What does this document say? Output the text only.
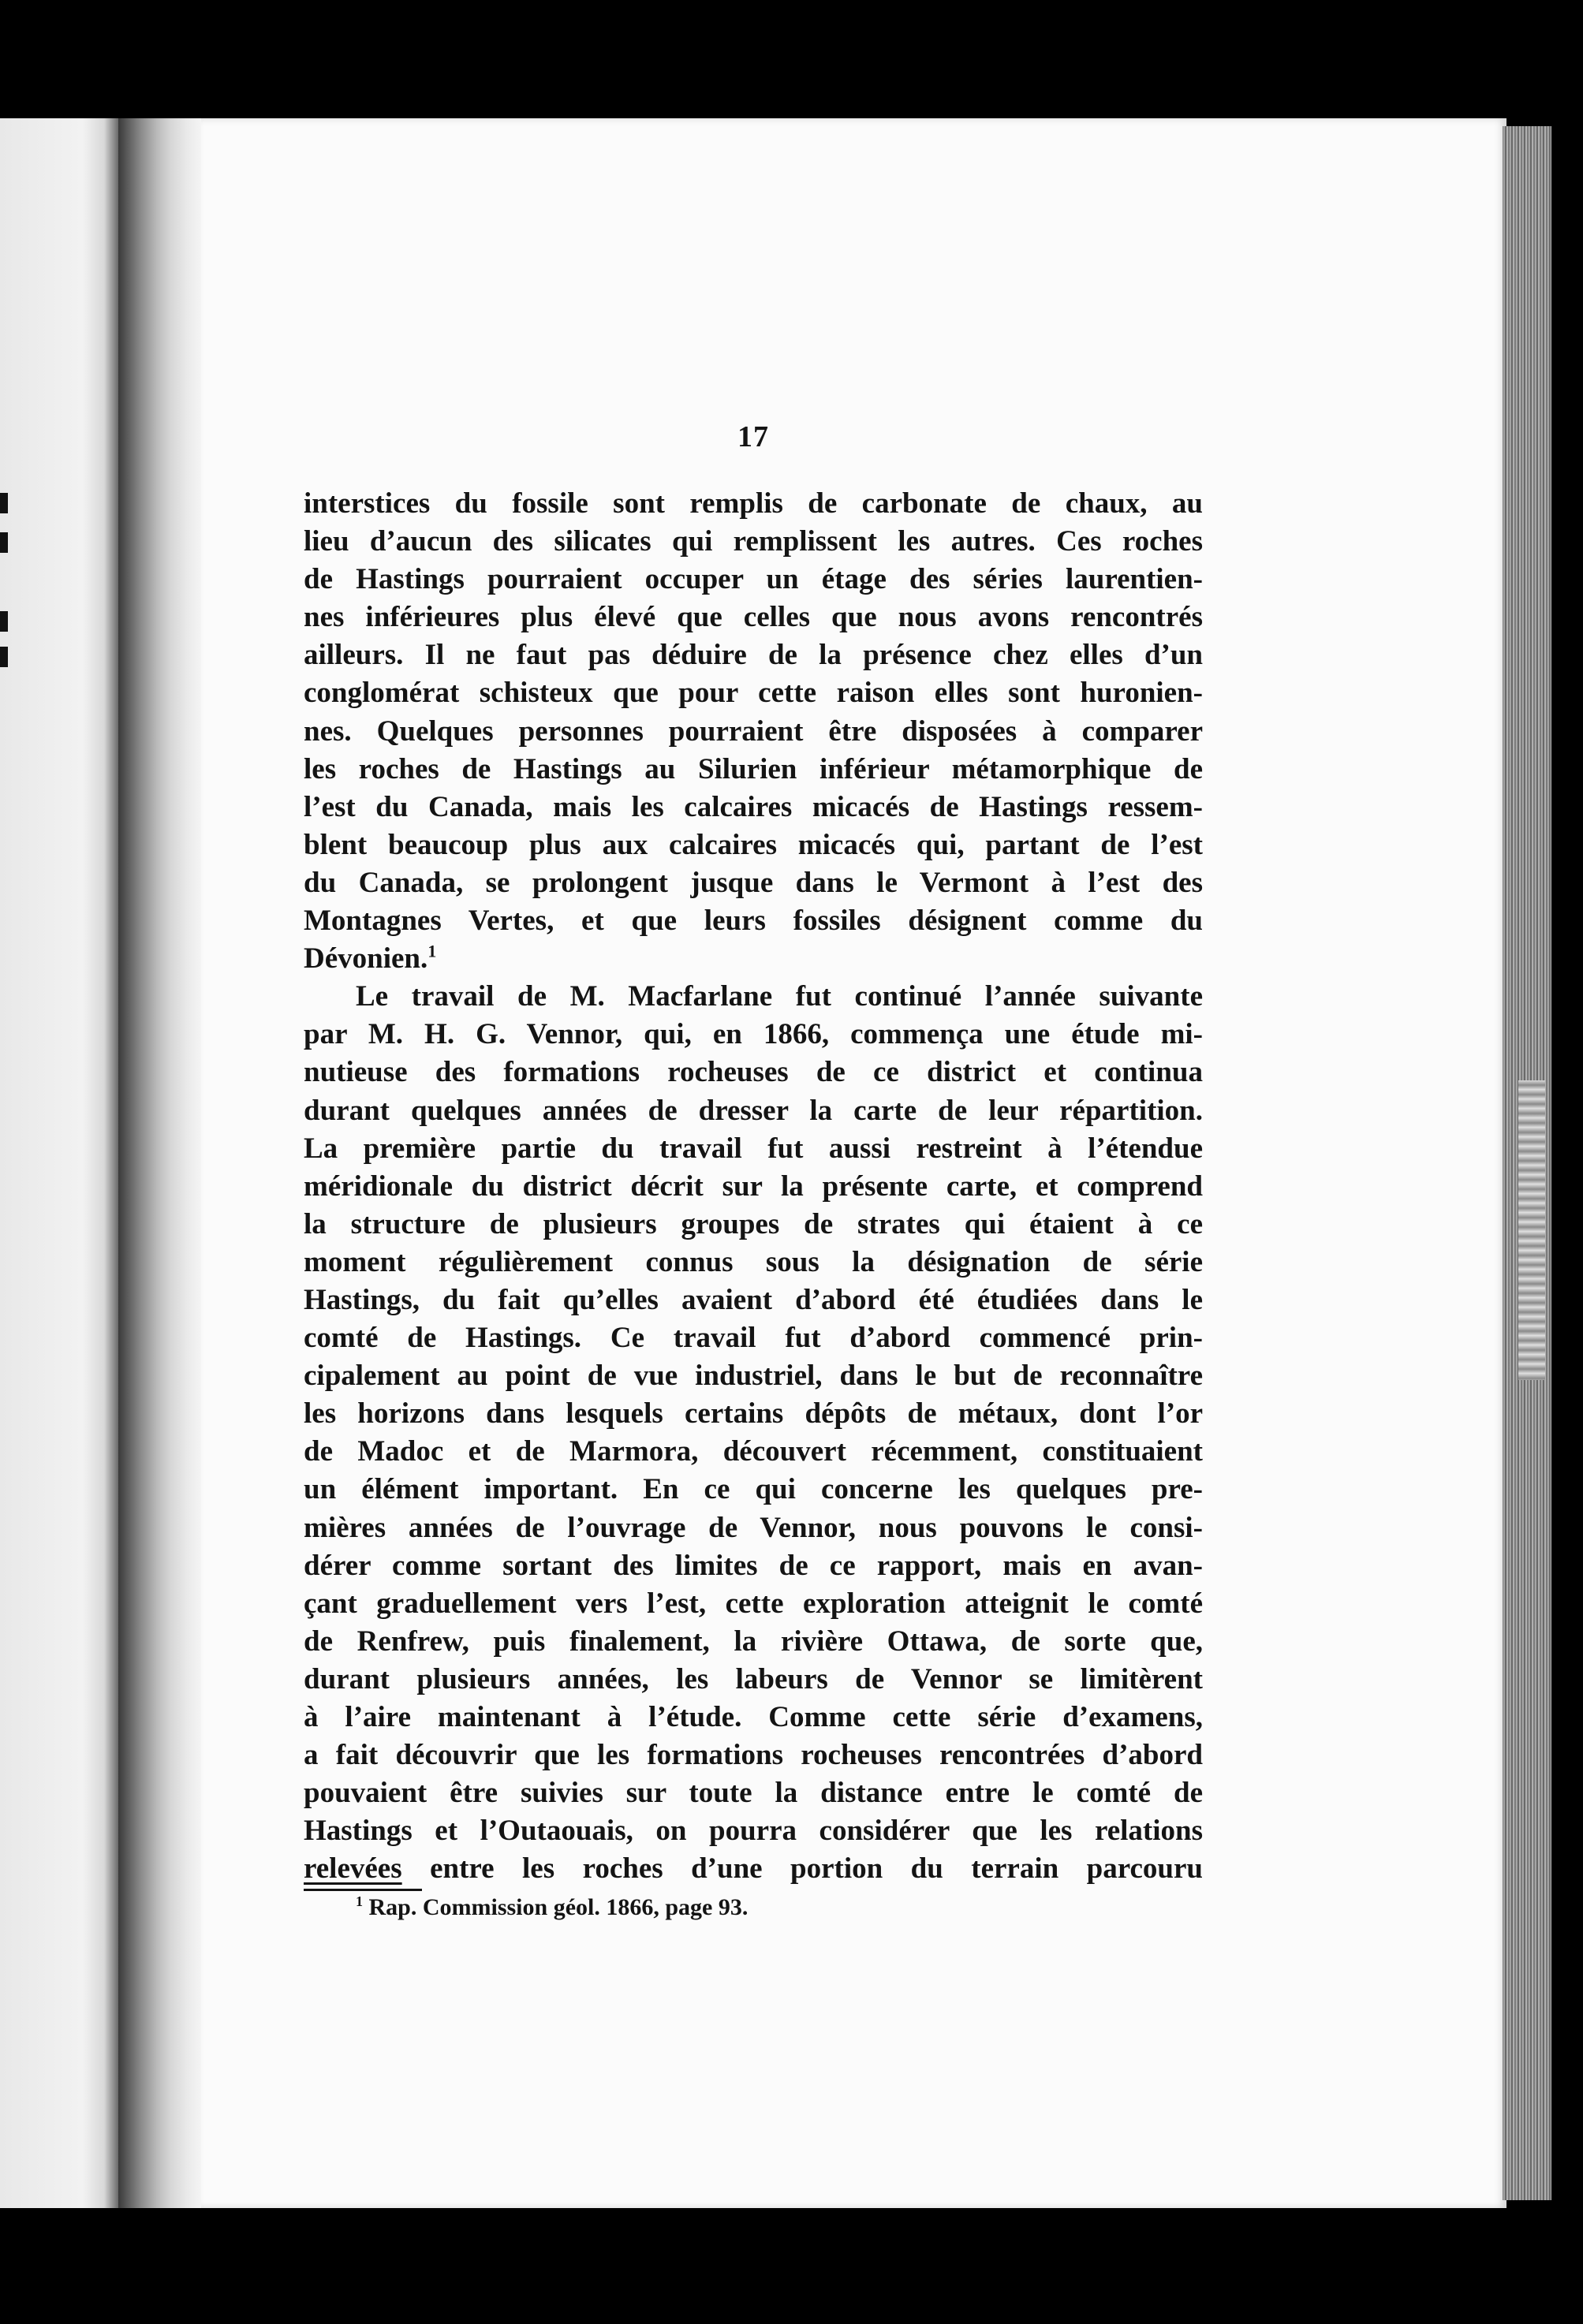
17
interstices du fossile sont remplis de carbonate de chaux, au
lieu d’aucun des silicates qui remplissent les autres. Ces roches
de Hastings pourraient occuper un étage des séries laurentien-
nes inférieures plus élevé que celles que nous avons rencontrés
ailleurs. Il ne faut pas déduire de la présence chez elles d’un
conglomérat schisteux que pour cette raison elles sont huronien-
nes. Quelques personnes pourraient être disposées à comparer
les roches de Hastings au Silurien inférieur métamorphique de
l’est du Canada, mais les calcaires micacés de Hastings ressem-
blent beaucoup plus aux calcaires micacés qui, partant de l’est
du Canada, se prolongent jusque dans le Vermont à l’est des
Montagnes Vertes, et que leurs fossiles désignent comme du
Dévonien.$^1$
Le travail de M. Macfarlane fut continué l’année suivante
par M. H. G. Vennor, qui, en 1866, commença une étude mi-
nutieuse des formations rocheuses de ce district et continua
durant quelques années de dresser la carte de leur répartition.
La première partie du travail fut aussi restreint à l’étendue
méridionale du district décrit sur la présente carte, et comprend
la structure de plusieurs groupes de strates qui étaient à ce
moment régulièrement connus sous la désignation de série
Hastings, du fait qu’elles avaient d’abord été étudiées dans le
comté de Hastings. Ce travail fut d’abord commencé prin-
cipalement au point de vue industriel, dans le but de reconnaître
les horizons dans lesquels certains dépôts de métaux, dont l’or
de Madoc et de Marmora, découvert récemment, constituaient
un élément important. En ce qui concerne les quelques pre-
mières années de l’ouvrage de Vennor, nous pouvons le consi-
dérer comme sortant des limites de ce rapport, mais en avan-
çant graduellement vers l’est, cette exploration atteignit le comté
de Renfrew, puis finalement, la rivière Ottawa, de sorte que,
durant plusieurs années, les labeurs de Vennor se limitèrent
à l’aire maintenant à l’étude. Comme cette série d’examens,
a fait découvrir que les formations rocheuses rencontrées d’abord
pouvaient être suivies sur toute la distance entre le comté de
Hastings et l’Outaouais, on pourra considérer que les relations
relevées entre les roches d’une portion du terrain parcouru
$^1$ Rap. Commission géol. 1866, page 93.
